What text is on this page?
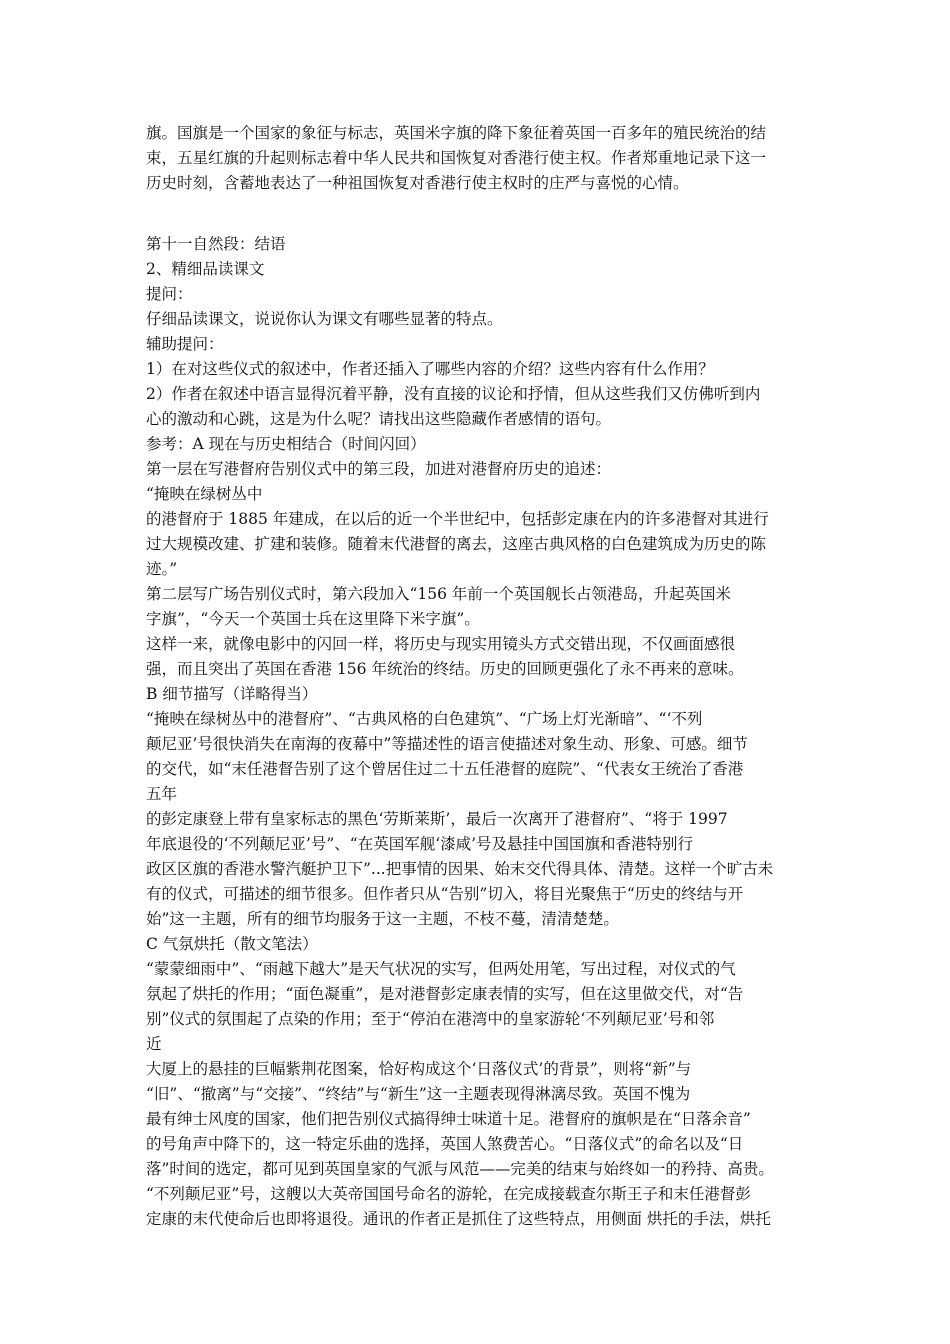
旗。国旗是一个国家的象征与标志，英国米字旗的降下象征着英国一百多年的殖民统治的结
束，五星红旗的升起则标志着中华人民共和国恢复对香港行使主权。作者郑重地记录下这一
历史时刻，含蓄地表达了一种祖国恢复对香港行使主权时的庄严与喜悦的心情。
第十一自然段：结语
2、精细品读课文
提问：
仔细品读课文，说说你认为课文有哪些显著的特点。
辅助提问：
1）在对这些仪式的叙述中，作者还插入了哪些内容的介绍？这些内容有什么作用？
2）作者在叙述中语言显得沉着平静，没有直接的议论和抒情，但从这些我们又仿佛听到内
心的激动和心跳，这是为什么呢？请找出这些隐藏作者感情的语句。
参考：A 现在与历史相结合（时间闪回）
第一层在写港督府告别仪式中的第三段，加进对港督府历史的追述：
“掩映在绿树丛中
的港督府于 1885 年建成，在以后的近一个半世纪中，包括彭定康在内的许多港督对其进行
过大规模改建、扩建和装修。随着末代港督的离去，这座古典风格的白色建筑成为历史的陈
迹。”
第二层写广场告别仪式时，第六段加入“156 年前一个英国舰长占领港岛，升起英国米
字旗”，“今天一个英国士兵在这里降下米字旗”。
这样一来，就像电影中的闪回一样，将历史与现实用镜头方式交错出现，不仅画面感很
强，而且突出了英国在香港 156 年统治的终结。历史的回顾更强化了永不再来的意味。
B 细节描写（详略得当）
“掩映在绿树丛中的港督府”、“古典风格的白色建筑”、“广场上灯光渐暗”、“‘不列
颠尼亚’号很快消失在南海的夜幕中”等描述性的语言使描述对象生动、形象、可感。细节
的交代，如“末任港督告别了这个曾居住过二十五任港督的庭院”、“代表女王统治了香港
五年
的彭定康登上带有皇家标志的黑色‘劳斯莱斯’，最后一次离开了港督府”、“将于 1997
年底退役的‘不列颠尼亚’号”、“在英国军舰‘漆咸’号及悬挂中国国旗和香港特别行
政区区旗的香港水警汽艇护卫下”...把事情的因果、始末交代得具体、清楚。这样一个旷古未
有的仪式，可描述的细节很多。但作者只从“告别”切入，将目光聚焦于“历史的终结与开
始”这一主题，所有的细节均服务于这一主题，不枝不蔓，清清楚楚。
C 气氛烘托（散文笔法）
“蒙蒙细雨中”、“雨越下越大”是天气状况的实写，但两处用笔，写出过程，对仪式的气
氛起了烘托的作用；“面色凝重”，是对港督彭定康表情的实写，但在这里做交代，对“告
别”仪式的氛围起了点染的作用；至于“停泊在港湾中的皇家游轮‘不列颠尼亚’号和邻
近
大厦上的悬挂的巨幅紫荆花图案，恰好构成这个‘日落仪式’的背景”，则将“新”与
“旧”、“撤离”与“交接”、“终结”与“新生”这一主题表现得淋漓尽致。英国不愧为
最有绅士风度的国家，他们把告别仪式搞得绅士味道十足。港督府的旗帜是在“日落余音”
的号角声中降下的，这一特定乐曲的选择，英国人煞费苦心。“日落仪式”的命名以及“日
落”时间的选定，都可见到英国皇家的气派与风范——完美的结束与始终如一的矜持、高贵。
“不列颠尼亚”号，这艘以大英帝国国号命名的游轮，在完成接载查尔斯王子和末任港督彭
定康的末代使命后也即将退役。通讯的作者正是抓住了这些特点，用侧面 烘托的手法，烘托
